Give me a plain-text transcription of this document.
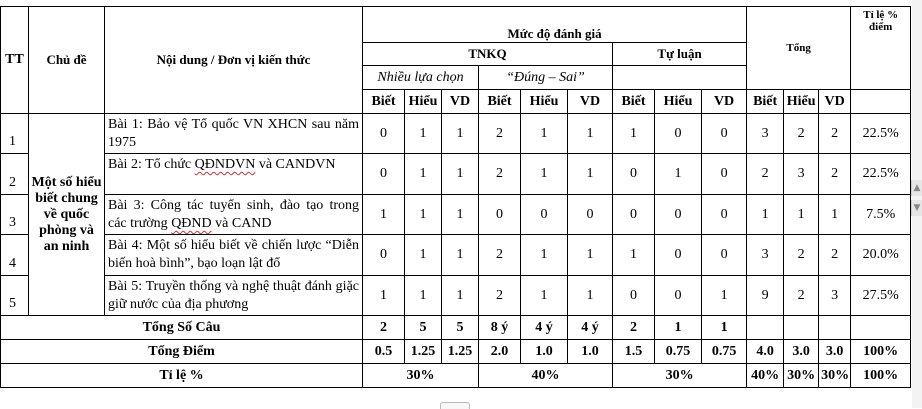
TT	Chủ đề	Nội dung / Đơn vị kiến thức	Mức độ đánh giá									Tổng			Tỉ lệ % điểm
			TNKQ						Tự luận						
			Nhiều lựa chọn			“Đúng – Sai”									
			Biết	Hiểu	VD	Biết	Hiểu	VD	Biết	Hiểu	VD	Biết	Hiểu	VD	
1	Một số hiểu biết chung về quốc phòng và an ninh	Bài 1: Bảo vệ Tổ quốc VN XHCN sau năm 1975	0	1	1	2	1	1	1	0	0	3	2	2	22.5%
2		Bài 2: Tổ chức QĐNDVN và CANDVN	0	1	1	2	1	1	0	1	0	2	3	2	22.5%
3		Bài 3: Công tác tuyển sinh, đào tạo trong các trường QĐND và CAND	1	1	1	0	0	0	0	0	0	1	1	1	7.5%
4		Bài 4: Một số hiểu biết về chiến lược “Diễn biến hoà bình”, bạo loạn lật đổ	0	1	1	2	1	1	1	0	0	3	2	2	20.0%
5		Bài 5: Truyền thống và nghệ thuật đánh giặc giữ nước của địa phương	1	1	1	2	1	1	0	0	1	9	2	3	27.5%
Tổng Số Câu			2	5	5	8 ý	4 ý	4 ý	2	1	1				
Tổng Điểm			0.5	1.25	1.25	2.0	1.0	1.0	1.5	0.75	0.75	4.0	3.0	3.0	100%
Tỉ lệ %			30%			40%			30%			40%	30%	30%	100%
▲
▼
